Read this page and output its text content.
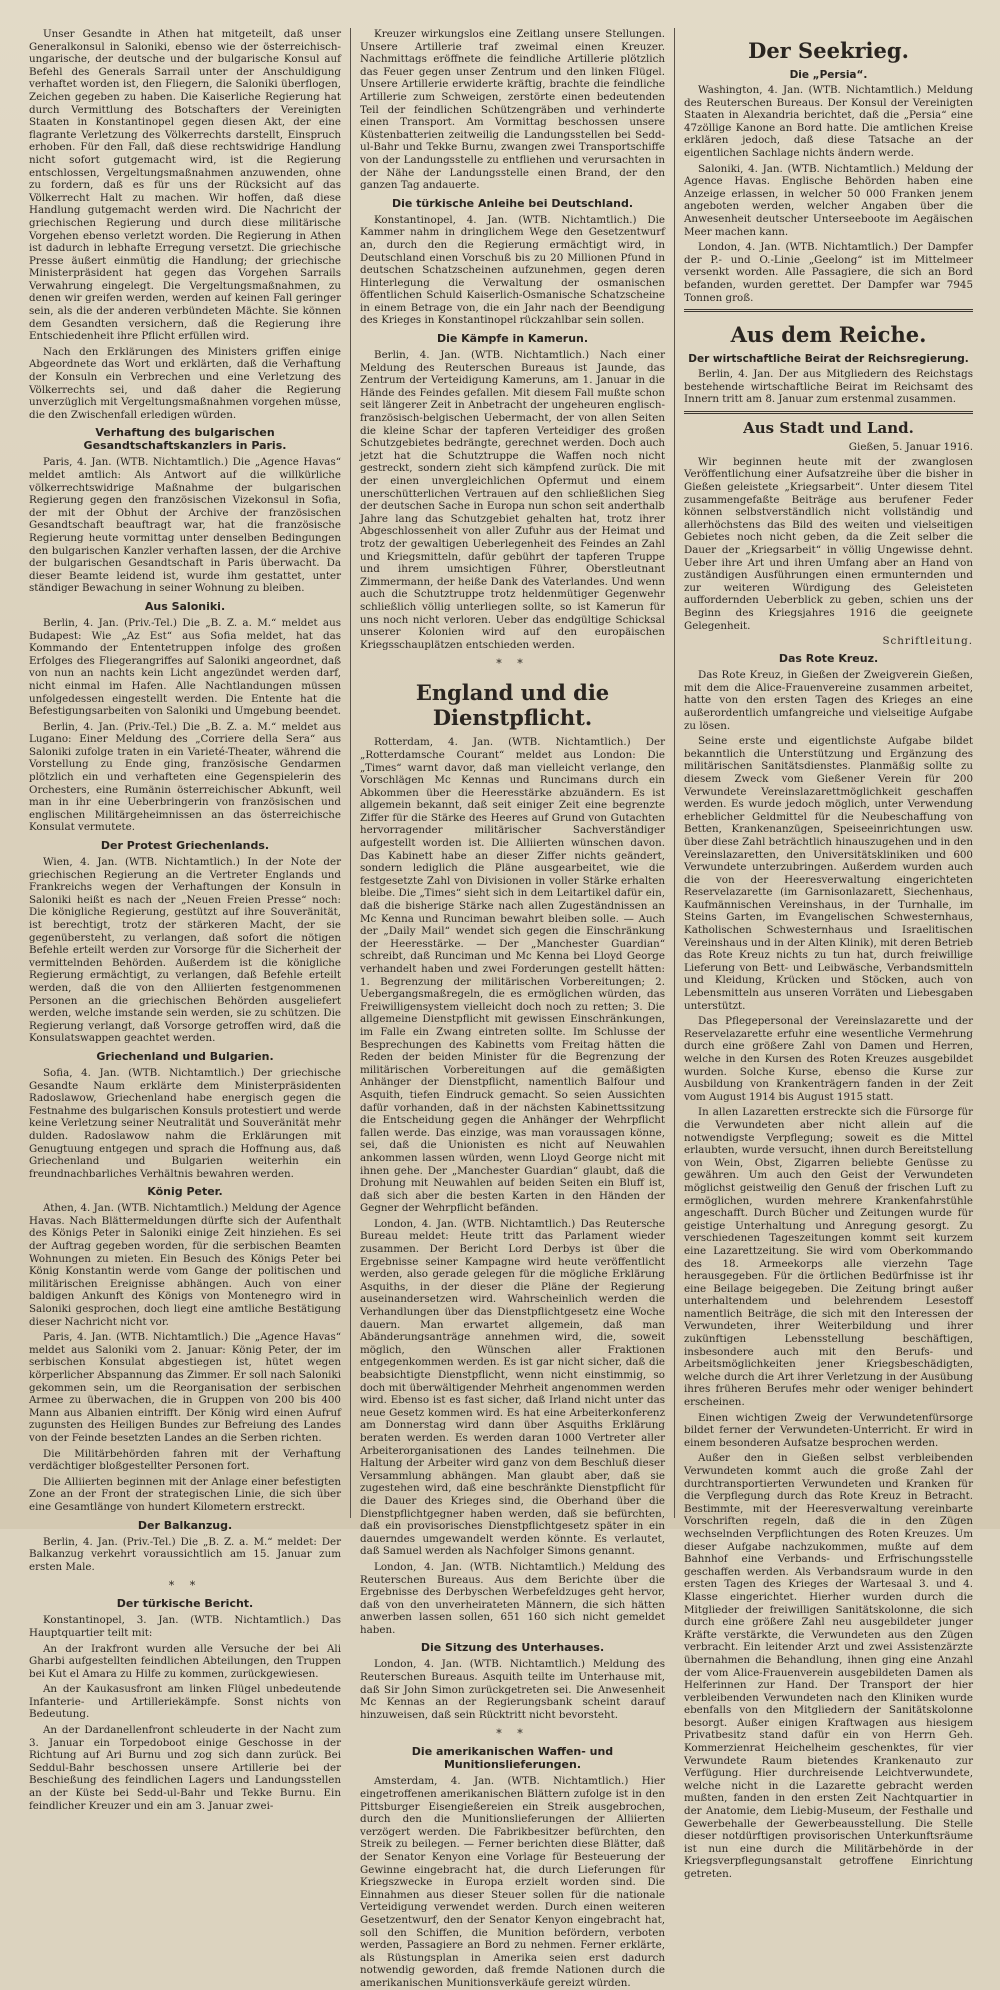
Unser Gesandte in Athen hat mitgeteilt, daß unser Generalkonsul in Saloniki, ebenso wie der österreichisch-ungarische, der deutsche und der bulgarische Konsul auf Befehl des Generals Sarrail unter der Anschuldigung verhaftet worden ist, den Fliegern, die Saloniki überflogen, Zeichen gegeben zu haben. Die Kaiserliche Regierung hat durch Vermittlung des Botschafters der Vereinigten Staaten in Konstantinopel gegen diesen Akt, der eine flagrante Verletzung des Völkerrechts darstellt, Einspruch erhoben. Für den Fall, daß diese rechtswidrige Handlung nicht sofort gutgemacht wird, ist die Regierung entschlossen, Vergeltungsmaßnahmen anzuwenden, ohne zu fordern, daß es für uns der Rücksicht auf das Völkerrecht Halt zu machen. Wir hoffen, daß diese Handlung gutgemacht werden wird. Die Nachricht der griechischen Regierung und durch diese militärische Vorgehen ebenso verletzt worden. Die Regierung in Athen ist dadurch in lebhafte Erregung versetzt. Die griechische Presse äußert einmütig die Handlung; der griechische Ministerpräsident hat gegen das Vorgehen Sarrails Verwahrung eingelegt. Die Vergeltungsmaßnahmen, zu denen wir greifen werden, werden auf keinen Fall geringer sein, als die der anderen verbündeten Mächte. Sie können dem Gesandten versichern, daß die Regierung ihre Entschiedenheit ihre Pflicht erfüllen wird.

Nach den Erklärungen des Ministers griffen einige Abgeordnete das Wort und erklärten, daß die Verhaftung der Konsuln ein Verbrechen und eine Verletzung des Völkerrechts sei, und daß daher die Regierung unverzüglich mit Vergeltungsmaßnahmen vorgehen müsse, die den Zwischenfall erledigen würden.

Verhaftung des bulgarischen Gesandtschaftskanzlers in Paris.

Paris, 4. Jan. (WTB. Nichtamtlich.) Die „Agence Havas“ meldet amtlich: Als Antwort auf die willkürliche völkerrechtswidrige Maßnahme der bulgarischen Regierung gegen den französischen Vizekonsul in Sofia, der mit der Obhut der Archive der französischen Gesandtschaft beauftragt war, hat die französische Regierung heute vormittag unter denselben Bedingungen den bulgarischen Kanzler verhaften lassen, der die Archive der bulgarischen Gesandtschaft in Paris überwacht. Da dieser Beamte leidend ist, wurde ihm gestattet, unter ständiger Bewachung in seiner Wohnung zu bleiben.

Aus Saloniki.

Berlin, 4. Jan. (Priv.-Tel.) Die „B. Z. a. M.“ meldet aus Budapest: Wie „Az Est“ aus Sofia meldet, hat das Kommando der Ententetruppen infolge des großen Erfolges des Fliegerangriffes auf Saloniki angeordnet, daß von nun an nachts kein Licht angezündet werden darf, nicht einmal im Hafen. Alle Nachtlandungen müssen unfolgedessen eingestellt werden. Die Entente hat die Befestigungsarbeiten von Saloniki und Umgebung beendet.

Berlin, 4. Jan. (Priv.-Tel.) Die „B. Z. a. M.“ meldet aus Lugano: Einer Meldung des „Corriere della Sera“ aus Saloniki zufolge traten in ein Varieté-Theater, während die Vorstellung zu Ende ging, französische Gendarmen plötzlich ein und verhafteten eine Gegenspielerin des Orchesters, eine Rumänin österreichischer Abkunft, weil man in ihr eine Ueberbringerin von französischen und englischen Militärgeheimnissen an das österreichische Konsulat vermutete.

Der Protest Griechenlands.

Wien, 4. Jan. (WTB. Nichtamtlich.) In der Note der griechischen Regierung an die Vertreter Englands und Frankreichs wegen der Verhaftungen der Konsuln in Saloniki heißt es nach der „Neuen Freien Presse“ noch: Die königliche Regierung, gestützt auf ihre Souveränität, ist berechtigt, trotz der stärkeren Macht, der sie gegenübersteht, zu verlangen, daß sofort die nötigen Befehle erteilt werden zur Vorsorge für die Sicherheit der vermittelnden Behörden. Außerdem ist die königliche Regierung ermächtigt, zu verlangen, daß Befehle erteilt werden, daß die von den Alliierten festgenommenen Personen an die griechischen Behörden ausgeliefert werden, welche imstande sein werden, sie zu schützen. Die Regierung verlangt, daß Vorsorge getroffen wird, daß die Konsulatswappen geachtet werden.

Griechenland und Bulgarien.

Sofia, 4. Jan. (WTB. Nichtamtlich.) Der griechische Gesandte Naum erklärte dem Ministerpräsidenten Radoslawow, Griechenland habe energisch gegen die Festnahme des bulgarischen Konsuls protestiert und werde keine Verletzung seiner Neutralität und Souveränität mehr dulden. Radoslawow nahm die Erklärungen mit Genugtuung entgegen und sprach die Hoffnung aus, daß Griechenland und Bulgarien weiterhin ein freundnachbarliches Verhältnis bewahren werden.

König Peter.

Athen, 4. Jan. (WTB. Nichtamtlich.) Meldung der Agence Havas. Nach Blättermeldungen dürfte sich der Aufenthalt des Königs Peter in Saloniki einige Zeit hinziehen. Es sei der Auftrag gegeben worden, für die serbischen Beamten Wohnungen zu mieten. Ein Besuch des Königs Peter bei König Konstantin werde vom Gange der politischen und militärischen Ereignisse abhängen. Auch von einer baldigen Ankunft des Königs von Montenegro wird in Saloniki gesprochen, doch liegt eine amtliche Bestätigung dieser Nachricht nicht vor.

Paris, 4. Jan. (WTB. Nichtamtlich.) Die „Agence Havas“ meldet aus Saloniki vom 2. Januar: König Peter, der im serbischen Konsulat abgestiegen ist, hütet wegen körperlicher Abspannung das Zimmer. Er soll nach Saloniki gekommen sein, um die Reorganisation der serbischen Armee zu überwachen, die in Gruppen von 200 bis 400 Mann aus Albanien eintrifft. Der König wird einen Aufruf zugunsten des Heiligen Bundes zur Befreiung des Landes von der Feinde besetzten Landes an die Serben richten.

Die Militärbehörden fahren mit der Verhaftung verdächtiger bloßgestellter Personen fort.

Die Alliierten beginnen mit der Anlage einer befestigten Zone an der Front der strategischen Linie, die sich über eine Gesamtlänge von hundert Kilometern erstreckt.

Der Balkanzug.

Berlin, 4. Jan. (Priv.-Tel.) Die „B. Z. a. M.“ meldet: Der Balkanzug verkehrt voraussichtlich am 15. Januar zum ersten Male.

* *
Der türkische Bericht.

Konstantinopel, 3. Jan. (WTB. Nichtamtlich.) Das Hauptquartier teilt mit:

An der Irakfront wurden alle Versuche der bei Ali Gharbi aufgestellten feindlichen Abteilungen, den Truppen bei Kut el Amara zu Hilfe zu kommen, zurückgewiesen.

An der Kaukasusfront am linken Flügel unbedeutende Infanterie- und Artilleriekämpfe. Sonst nichts von Bedeutung.

An der Dardanellenfront schleuderte in der Nacht zum 3. Januar ein Torpedoboot einige Geschosse in der Richtung auf Ari Burnu und zog sich dann zurück. Bei Seddul-Bahr beschossen unsere Artillerie bei der Beschießung des feindlichen Lagers und Landungsstellen an der Küste bei Sedd-ul-Bahr und Tekke Burnu. Ein feindlicher Kreuzer und ein am 3. Januar zwei-

Kreuzer wirkungslos eine Zeitlang unsere Stellungen. Unsere Artillerie traf zweimal einen Kreuzer. Nachmittags eröffnete die feindliche Artillerie plötzlich das Feuer gegen unser Zentrum und den linken Flügel. Unsere Artillerie erwiderte kräftig, brachte die feindliche Artillerie zum Schweigen, zerstörte einen bedeutenden Teil der feindlichen Schützengräben und verhinderte einen Transport. Am Vormittag beschossen unsere Küstenbatterien zeitweilig die Landungsstellen bei Sedd-ul-Bahr und Tekke Burnu, zwangen zwei Transportschiffe von der Landungsstelle zu entfliehen und verursachten in der Nähe der Landungsstelle einen Brand, der den ganzen Tag andauerte.

Die türkische Anleihe bei Deutschland.

Konstantinopel, 4. Jan. (WTB. Nichtamtlich.) Die Kammer nahm in dringlichem Wege den Gesetzentwurf an, durch den die Regierung ermächtigt wird, in Deutschland einen Vorschuß bis zu 20 Millionen Pfund in deutschen Schatzscheinen aufzunehmen, gegen deren Hinterlegung die Verwaltung der osmanischen öffentlichen Schuld Kaiserlich-Osmanische Schatzscheine in einem Betrage von, die ein Jahr nach der Beendigung des Krieges in Konstantinopel rückzahlbar sein sollen.

Die Kämpfe in Kamerun.

Berlin, 4. Jan. (WTB. Nichtamtlich.) Nach einer Meldung des Reuterschen Bureaus ist Jaunde, das Zentrum der Verteidigung Kameruns, am 1. Januar in die Hände des Feindes gefallen. Mit diesem Fall mußte schon seit längerer Zeit in Anbetracht der ungeheuren englisch-französisch-belgischen Uebermacht, der von allen Seiten die kleine Schar der tapferen Verteidiger des großen Schutzgebietes bedrängte, gerechnet werden. Doch auch jetzt hat die Schutztruppe die Waffen noch nicht gestreckt, sondern zieht sich kämpfend zurück. Die mit der einen unvergleichlichen Opfermut und einem unerschütterlichen Vertrauen auf den schließlichen Sieg der deutschen Sache in Europa nun schon seit anderthalb Jahre lang das Schutzgebiet gehalten hat, trotz ihrer Abgeschlossenheit von aller Zufuhr aus der Heimat und trotz der gewaltigen Ueberlegenheit des Feindes an Zahl und Kriegsmitteln, dafür gebührt der tapferen Truppe und ihrem umsichtigen Führer, Oberstleutnant Zimmermann, der heiße Dank des Vaterlandes. Und wenn auch die Schutztruppe trotz heldenmütiger Gegenwehr schließlich völlig unterliegen sollte, so ist Kamerun für uns noch nicht verloren. Ueber das endgültige Schicksal unserer Kolonien wird auf den europäischen Kriegsschauplätzen entschieden werden.

* *
England und die Dienstpflicht.

Rotterdam, 4. Jan. (WTB. Nichtamtlich.) Der „Rotterdamsche Courant“ meldet aus London: Die „Times“ warnt davor, daß man vielleicht verlange, den Vorschlägen Mc Kennas und Runcimans durch ein Abkommen über die Heeresstärke abzuändern. Es ist allgemein bekannt, daß seit einiger Zeit eine begrenzte Ziffer für die Stärke des Heeres auf Grund von Gutachten hervorragender militärischer Sachverständiger aufgestellt worden ist. Die Alliierten wünschen davon. Das Kabinett habe an dieser Ziffer nichts geändert, sondern lediglich die Pläne ausgearbeitet, wie die festgesetzte Zahl von Divisionen in voller Stärke erhalten bleibe. Die „Times“ sieht sich in dem Leitartikel dafür ein, daß die bisherige Stärke nach allen Zugeständnissen an Mc Kenna und Runciman bewahrt bleiben solle. — Auch der „Daily Mail“ wendet sich gegen die Einschränkung der Heeresstärke. — Der „Manchester Guardian“ schreibt, daß Runciman und Mc Kenna bei Lloyd George verhandelt haben und zwei Forderungen gestellt hätten: 1. Begrenzung der militärischen Vorbereitungen; 2. Uebergangsmaßregeln, die es ermöglichen würden, das Freiwilligensystem vielleicht doch noch zu retten; 3. Die allgemeine Dienstpflicht mit gewissen Einschränkungen, im Falle ein Zwang eintreten sollte. Im Schlusse der Besprechungen des Kabinetts vom Freitag hätten die Reden der beiden Minister für die Begrenzung der militärischen Vorbereitungen auf die gemäßigten Anhänger der Dienstpflicht, namentlich Balfour und Asquith, tiefen Eindruck gemacht. So seien Aussichten dafür vorhanden, daß in der nächsten Kabinettssitzung die Entscheidung gegen die Anhänger der Wehrpflicht fallen werde. Das einzige, was man voraussagen könne, sei, daß die Unionisten es nicht auf Neuwahlen ankommen lassen würden, wenn Lloyd George nicht mit ihnen gehe. Der „Manchester Guardian“ glaubt, daß die Drohung mit Neuwahlen auf beiden Seiten ein Bluff ist, daß sich aber die besten Karten in den Händen der Gegner der Wehrpflicht befänden.

London, 4. Jan. (WTB. Nichtamtlich.) Das Reutersche Bureau meldet: Heute tritt das Parlament wieder zusammen. Der Bericht Lord Derbys ist über die Ergebnisse seiner Kampagne wird heute veröffentlicht werden, also gerade gelegen für die mögliche Erklärung Asquiths, in der dieser die Pläne der Regierung auseinandersetzen wird. Wahrscheinlich werden die Verhandlungen über das Dienstpflichtgesetz eine Woche dauern. Man erwartet allgemein, daß man Abänderungsanträge annehmen wird, die, soweit möglich, den Wünschen aller Fraktionen entgegenkommen werden. Es ist gar nicht sicher, daß die beabsichtigte Dienstpflicht, wenn nicht einstimmig, so doch mit überwältigender Mehrheit angenommen werden wird. Ebenso ist es fast sicher, daß Irland nicht unter das neue Gesetz kommen wird. Es hat eine Arbeiterkonferenz am Donnerstag wird dann über Asquiths Erklärung beraten werden. Es werden daran 1000 Vertreter aller Arbeiterorganisationen des Landes teilnehmen. Die Haltung der Arbeiter wird ganz von dem Beschluß dieser Versammlung abhängen. Man glaubt aber, daß sie zugestehen wird, daß eine beschränkte Dienstpflicht für die Dauer des Krieges sind, die Oberhand über die Dienstpflichtgegner haben werden, daß sie befürchten, daß ein provisorisches Dienstpflichtgesetz später in ein dauerndes umgewandelt werden könnte. Es verlautet, daß Samuel werden als Nachfolger Simons genannt.

London, 4. Jan. (WTB. Nichtamtlich.) Meldung des Reuterschen Bureaus. Aus dem Berichte über die Ergebnisse des Derbyschen Werbefeldzuges geht hervor, daß von den unverheirateten Männern, die sich hätten anwerben lassen sollen, 651 160 sich nicht gemeldet haben.

Die Sitzung des Unterhauses.

London, 4. Jan. (WTB. Nichtamtlich.) Meldung des Reuterschen Bureaus. Asquith teilte im Unterhause mit, daß Sir John Simon zurückgetreten sei. Die Anwesenheit Mc Kennas an der Regierungsbank scheint darauf hinzuweisen, daß sein Rücktritt nicht bevorsteht.

* *
Die amerikanischen Waffen- und Munitionslieferungen.

Amsterdam, 4. Jan. (WTB. Nichtamtlich.) Hier eingetroffenen amerikanischen Blättern zufolge ist in den Pittsburger Eisengießereien ein Streik ausgebrochen, durch den die Munitionslieferungen der Alliierten verzögert werden. Die Fabrikbesitzer befürchten, den Streik zu beilegen. — Ferner berichten diese Blätter, daß der Senator Kenyon eine Vorlage für Besteuerung der Gewinne eingebracht hat, die durch Lieferungen für Kriegszwecke in Europa erzielt worden sind. Die Einnahmen aus dieser Steuer sollen für die nationale Verteidigung verwendet werden. Durch einen weiteren Gesetzentwurf, den der Senator Kenyon eingebracht hat, soll den Schiffen, die Munition befördern, verboten werden, Passagiere an Bord zu nehmen. Ferner erklärte, als Rüstungsplan in Amerika seien erst dadurch notwendig geworden, daß fremde Nationen durch die amerikanischen Munitionsverkäufe gereizt würden.

Der Seekrieg.
Die „Persia“.

Washington, 4. Jan. (WTB. Nichtamtlich.) Meldung des Reuterschen Bureaus. Der Konsul der Vereinigten Staaten in Alexandria berichtet, daß die „Persia“ eine 47zöllige Kanone an Bord hatte. Die amtlichen Kreise erklären jedoch, daß diese Tatsache an der eigentlichen Sachlage nichts ändern werde.

Saloniki, 4. Jan. (WTB. Nichtamtlich.) Meldung der Agence Havas. Englische Behörden haben eine Anzeige erlassen, in welcher 50 000 Franken jenem angeboten werden, welcher Angaben über die Anwesenheit deutscher Unterseeboote im Aegäischen Meer machen kann.

London, 4. Jan. (WTB. Nichtamtlich.) Der Dampfer der P.- und O.-Linie „Geelong“ ist im Mittelmeer versenkt worden. Alle Passagiere, die sich an Bord befanden, wurden gerettet. Der Dampfer war 7945 Tonnen groß.

Aus dem Reiche.
Der wirtschaftliche Beirat der Reichsregierung.

Berlin, 4. Jan. Der aus Mitgliedern des Reichstags bestehende wirtschaftliche Beirat im Reichsamt des Innern tritt am 8. Januar zum erstenmal zusammen.

Aus Stadt und Land.
Gießen, 5. Januar 1916.

Wir beginnen heute mit der zwanglosen Veröffentlichung einer Aufsatzreihe über die bisher in Gießen geleistete „Kriegsarbeit“. Unter diesem Titel zusammengefaßte Beiträge aus berufener Feder können selbstverständlich nicht vollständig und allerhöchstens das Bild des weiten und vielseitigen Gebietes noch nicht geben, da die Zeit selber die Dauer der „Kriegsarbeit“ in völlig Ungewisse dehnt. Ueber ihre Art und ihren Umfang aber an Hand von zuständigen Ausführungen einen ermunternden und zur weiteren Würdigung des Geleisteten auffordernden Ueberblick zu geben, schien uns der Beginn des Kriegsjahres 1916 die geeignete Gelegenheit.

Schriftleitung.
Das Rote Kreuz.

Das Rote Kreuz, in Gießen der Zweigverein Gießen, mit dem die Alice-Frauenvereine zusammen arbeitet, hatte von den ersten Tagen des Krieges an eine außerordentlich umfangreiche und vielseitige Aufgabe zu lösen.

Seine erste und eigentlichste Aufgabe bildet bekanntlich die Unterstützung und Ergänzung des militärischen Sanitätsdienstes. Planmäßig sollte zu diesem Zweck vom Gießener Verein für 200 Verwundete Vereinslazarettmöglichkeit geschaffen werden. Es wurde jedoch möglich, unter Verwendung erheblicher Geldmittel für die Neubeschaffung von Betten, Krankenanzügen, Speiseeinrichtungen usw. über diese Zahl beträchtlich hinauszugehen und in den Vereinslazaretten, den Universitätskliniken und 600 Verwundete unterzubringen. Außerdem wurden auch die von der Heeresverwaltung eingerichteten Reservelazarette (im Garnisonlazarett, Siechenhaus, Kaufmännischen Vereinshaus, in der Turnhalle, im Steins Garten, im Evangelischen Schwesternhaus, Katholischen Schwesternhaus und Israelitischen Vereinshaus und in der Alten Klinik), mit deren Betrieb das Rote Kreuz nichts zu tun hat, durch freiwillige Lieferung von Bett- und Leibwäsche, Verbandsmitteln und Kleidung, Krücken und Stöcken, auch von Lebensmitteln aus unseren Vorräten und Liebesgaben unterstützt.

Das Pflegepersonal der Vereinslazarette und der Reservelazarette erfuhr eine wesentliche Vermehrung durch eine größere Zahl von Damen und Herren, welche in den Kursen des Roten Kreuzes ausgebildet wurden. Solche Kurse, ebenso die Kurse zur Ausbildung von Krankenträgern fanden in der Zeit vom August 1914 bis August 1915 statt.

In allen Lazaretten erstreckte sich die Fürsorge für die Verwundeten aber nicht allein auf die notwendigste Verpflegung; soweit es die Mittel erlaubten, wurde versucht, ihnen durch Bereitstellung von Wein, Obst, Zigarren beliebte Genüsse zu gewähren. Um auch den Geist der Verwundeten möglichst geistweilig den Genuß der frischen Luft zu ermöglichen, wurden mehrere Krankenfahrstühle angeschafft. Durch Bücher und Zeitungen wurde für geistige Unterhaltung und Anregung gesorgt. Zu verschiedenen Tageszeitungen kommt seit kurzem eine Lazarettzeitung. Sie wird vom Oberkommando des 18. Armeekorps alle vierzehn Tage herausgegeben. Für die örtlichen Bedürfnisse ist ihr eine Beilage beigegeben. Die Zeitung bringt außer unterhaltendem und belehrendem Lesestoff namentlich Beiträge, die sich mit den Interessen der Verwundeten, ihrer Weiterbildung und ihrer zukünftigen Lebensstellung beschäftigen, insbesondere auch mit den Berufs- und Arbeitsmöglichkeiten jener Kriegsbeschädigten, welche durch die Art ihrer Verletzung in der Ausübung ihres früheren Berufes mehr oder weniger behindert erscheinen.

Einen wichtigen Zweig der Verwundetenfürsorge bildet ferner der Verwundeten-Unterricht. Er wird in einem besonderen Aufsatze besprochen werden.

Außer den in Gießen selbst verbleibenden Verwundeten kommt auch die große Zahl der durchtransportierten Verwundeten und Kranken für die Verpflegung durch das Rote Kreuz in Betracht. Bestimmte, mit der Heeresverwaltung vereinbarte Vorschriften regeln, daß die in den Zügen wechselnden Verpflichtungen des Roten Kreuzes. Um dieser Aufgabe nachzukommen, mußte auf dem Bahnhof eine Verbands- und Erfrischungsstelle geschaffen werden. Als Verbandsraum wurde in den ersten Tagen des Krieges der Wartesaal 3. und 4. Klasse eingerichtet. Hierher wurden durch die Mitglieder der freiwilligen Sanitätskolonne, die sich durch eine größere Zahl neu ausgebildeter junger Kräfte verstärkte, die Verwundeten aus den Zügen verbracht. Ein leitender Arzt und zwei Assistenzärzte übernahmen die Behandlung, ihnen ging eine Anzahl der vom Alice-Frauenverein ausgebildeten Damen als Helferinnen zur Hand. Der Transport der hier verbleibenden Verwundeten nach den Kliniken wurde ebenfalls von den Mitgliedern der Sanitätskolonne besorgt. Außer einigen Kraftwagen aus hiesigem Privatbesitz stand dafür ein von Herrn Geh. Kommerzienrat Heichelheim geschenktes, für vier Verwundete Raum bietendes Krankenauto zur Verfügung. Hier durchreisende Leichtverwundete, welche nicht in die Lazarette gebracht werden mußten, fanden in den ersten Zeit Nachtquartier in der Anatomie, dem Liebig-Museum, der Festhalle und Gewerbehalle der Gewerbeausstellung. Die Stelle dieser notdürftigen provisorischen Unterkunftsräume ist nun eine durch die Militärbehörde in der Kriegsverpflegungsanstalt getroffene Einrichtung getreten.
